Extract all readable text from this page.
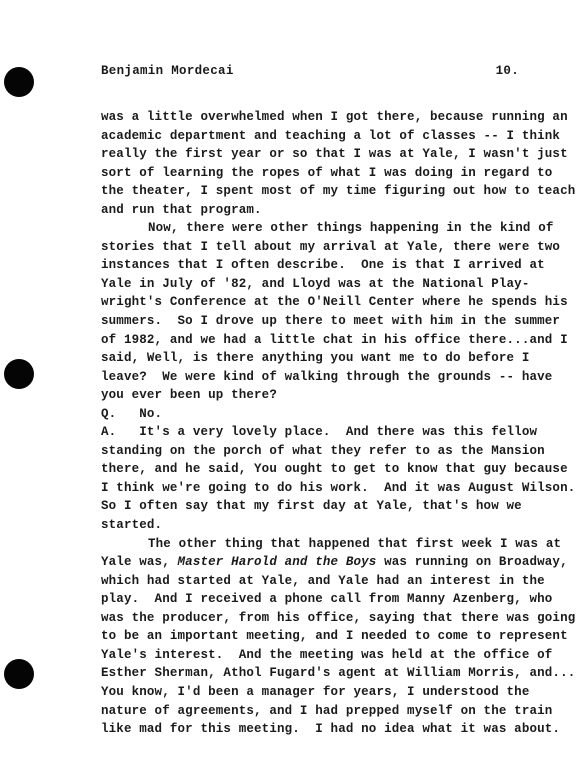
Benjamin Mordecai	10.
was a little overwhelmed when I got there, because running an
academic department and teaching a lot of classes -- I think
really the first year or so that I was at Yale, I wasn't just
sort of learning the ropes of what I was doing in regard to
the theater, I spent most of my time figuring out how to teach
and run that program.
Now, there were other things happening in the kind of
stories that I tell about my arrival at Yale, there were two
instances that I often describe.  One is that I arrived at
Yale in July of '82, and Lloyd was at the National Play-
wright's Conference at the O'Neill Center where he spends his
summers.  So I drove up there to meet with him in the summer
of 1982, and we had a little chat in his office there...and I
said, Well, is there anything you want me to do before I
leave?  We were kind of walking through the grounds -- have
you ever been up there?
Q.   No.
A.   It's a very lovely place.  And there was this fellow
standing on the porch of what they refer to as the Mansion
there, and he said, You ought to get to know that guy because
I think we're going to do his work.  And it was August Wilson.
So I often say that my first day at Yale, that's how we
started.
The other thing that happened that first week I was at
Yale was, Master Harold and the Boys was running on Broadway,
which had started at Yale, and Yale had an interest in the
play.  And I received a phone call from Manny Azenberg, who
was the producer, from his office, saying that there was going
to be an important meeting, and I needed to come to represent
Yale's interest.  And the meeting was held at the office of
Esther Sherman, Athol Fugard's agent at William Morris, and...
You know, I'd been a manager for years, I understood the
nature of agreements, and I had prepped myself on the train
like mad for this meeting.  I had no idea what it was about.
